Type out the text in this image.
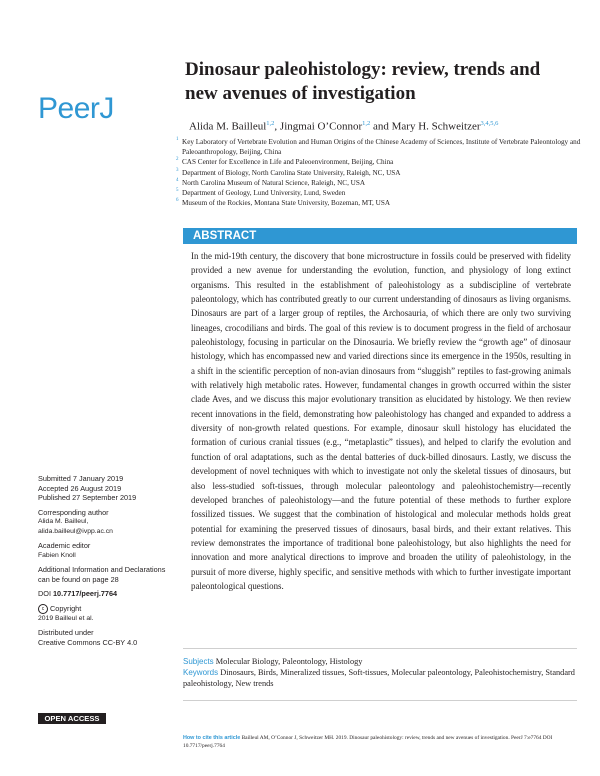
PeerJ
Dinosaur paleohistology: review, trends and new avenues of investigation
Alida M. Bailleul$^{1,2}$, Jingmai O’Connor$^{1,2}$ and Mary H. Schweitzer$^{3,4,5,6}$
1 Key Laboratory of Vertebrate Evolution and Human Origins of the Chinese Academy of Sciences, Institute of Vertebrate Paleontology and Paleoanthropology, Beijing, China
2 CAS Center for Excellence in Life and Paleoenvironment, Beijing, China
3 Department of Biology, North Carolina State University, Raleigh, NC, USA
4 North Carolina Museum of Natural Science, Raleigh, NC, USA
5 Department of Geology, Lund University, Lund, Sweden
6 Museum of the Rockies, Montana State University, Bozeman, MT, USA
ABSTRACT
In the mid-19th century, the discovery that bone microstructure in fossils could be preserved with fidelity provided a new avenue for understanding the evolution, function, and physiology of long extinct organisms. This resulted in the establishment of paleohistology as a subdiscipline of vertebrate paleontology, which has contributed greatly to our current understanding of dinosaurs as living organisms. Dinosaurs are part of a larger group of reptiles, the Archosauria, of which there are only two surviving lineages, crocodilians and birds. The goal of this review is to document progress in the field of archosaur paleohistology, focusing in particular on the Dinosauria. We briefly review the “growth age” of dinosaur histology, which has encompassed new and varied directions since its emergence in the 1950s, resulting in a shift in the scientific perception of non-avian dinosaurs from “sluggish” reptiles to fast-growing animals with relatively high metabolic rates. However, fundamental changes in growth occurred within the sister clade Aves, and we discuss this major evolutionary transition as elucidated by histology. We then review recent innovations in the field, demonstrating how paleohistology has changed and expanded to address a diversity of non-growth related questions. For example, dinosaur skull histology has elucidated the formation of curious cranial tissues (e.g., “metaplastic” tissues), and helped to clarify the evolution and function of oral adaptations, such as the dental batteries of duck-billed dinosaurs. Lastly, we discuss the development of novel techniques with which to investigate not only the skeletal tissues of dinosaurs, but also less-studied soft-tissues, through molecular paleontology and paleohistochemistry—recently developed branches of paleohistology—and the future potential of these methods to further explore fossilized tissues. We suggest that the combination of histological and molecular methods holds great potential for examining the preserved tissues of dinosaurs, basal birds, and their extant relatives. This review demonstrates the importance of traditional bone paleohistology, but also highlights the need for innovation and more analytical directions to improve and broaden the utility of paleohistology, in the pursuit of more diverse, highly specific, and sensitive methods with which to further investigate important paleontological questions.
Subjects Molecular Biology, Paleontology, Histology
Keywords Dinosaurs, Birds, Mineralized tissues, Soft-tissues, Molecular paleontology, Paleohistochemistry, Standard paleohistology, New trends
Submitted 7 January 2019
Accepted 26 August 2019
Published 27 September 2019
Corresponding author
Alida M. Bailleul,
alida.bailleul@ivpp.ac.cn
Academic editor
Fabien Knoll
Additional Information and Declarations can be found on page 28
DOI 10.7717/peerj.7764
c Copyright
2019 Bailleul et al.
Distributed under
Creative Commons CC-BY 4.0
OPEN ACCESS
How to cite this article Bailleul AM, O’Connor J, Schweitzer MH. 2019. Dinosaur paleohistology: review, trends and new avenues of investigation. PeerJ 7:e7764 DOI 10.7717/peerj.7764
